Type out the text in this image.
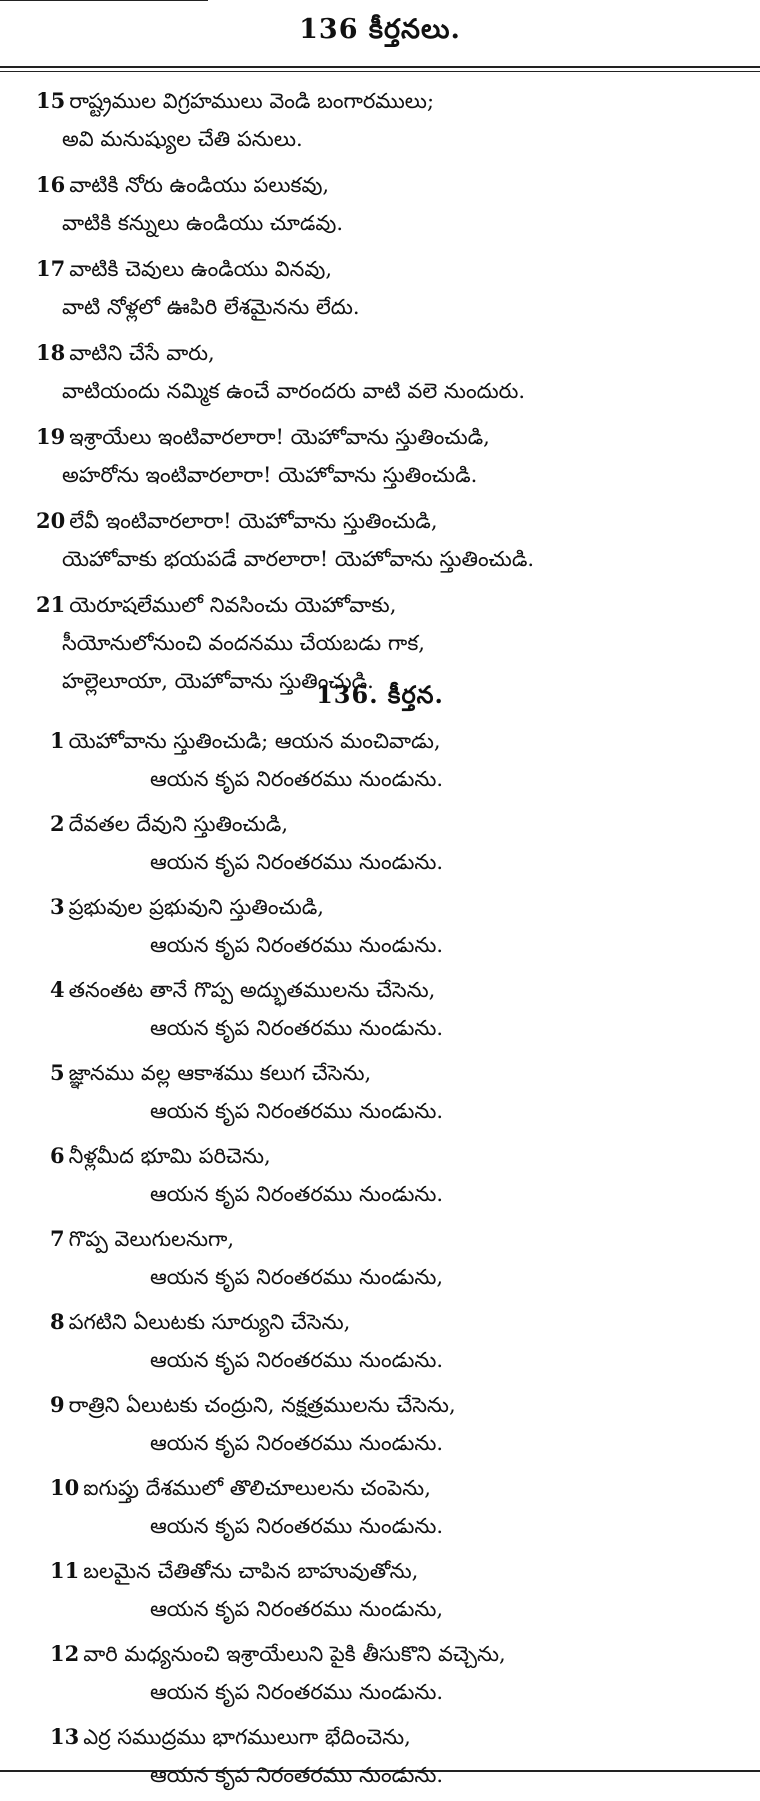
136 కీర్తనలు.
15 రాష్ట్రముల విగ్రహములు వెండి బంగారములు;
అవి మనుష్యుల చేతి పనులు.
16 వాటికి నోరు ఉండియు పలుకవు,
వాటికి కన్నులు ఉండియు చూడవు.
17 వాటికి చెవులు ఉండియు వినవు,
వాటి నోళ్లలో ఊపిరి లేశమైనను లేదు.
18 వాటిని చేసే వారు,
వాటియందు నమ్మిక ఉంచే వారందరు వాటి వలె నుందురు.
19 ఇశ్రాయేలు ఇంటివారలారా! యెహోవాను స్తుతించుడి,
అహరోను ఇంటివారలారా! యెహోవాను స్తుతించుడి.
20 లేవీ ఇంటివారలారా! యెహోవాను స్తుతించుడి,
యెహోవాకు భయపడే వారలారా! యెహోవాను స్తుతించుడి.
21 యెరూషలేములో నివసించు యెహోవాకు,
సీయోనులోనుంచి వందనము చేయబడు గాక,
హల్లెలూయా, యెహోవాను స్తుతించుడి.
136. కీర్తన.
1 యెహోవాను స్తుతించుడి; ఆయన మంచివాడు,
ఆయన కృప నిరంతరము నుండును.
2 దేవతల దేవుని స్తుతించుడి,
ఆయన కృప నిరంతరము నుండును.
3 ప్రభువుల ప్రభువుని స్తుతించుడి,
ఆయన కృప నిరంతరము నుండును.
4 తనంతట తానే గొప్ప అద్భుతములను చేసెను,
ఆయన కృప నిరంతరము నుండును.
5 జ్ఞానము వల్ల ఆకాశము కలుగ చేసెను,
ఆయన కృప నిరంతరము నుండును.
6 నీళ్లమీద భూమి పరిచెను,
ఆయన కృప నిరంతరము నుండును.
7 గొప్ప వెలుగులనుగా,
ఆయన కృప నిరంతరము నుండును,
8 పగటిని ఏలుటకు సూర్యుని చేసెను,
ఆయన కృప నిరంతరము నుండును.
9 రాత్రిని ఏలుటకు చంద్రుని, నక్షత్రములను చేసెను,
ఆయన కృప నిరంతరము నుండును.
10 ఐగుప్తు దేశములో తొలిచూలులను చంపెను,
ఆయన కృప నిరంతరము నుండును.
11 బలమైన చేతితోను చాపిన బాహువుతోను,
ఆయన కృప నిరంతరము నుండును,
12 వారి మధ్యనుంచి ఇశ్రాయేలుని పైకి తీసుకొని వచ్చెను,
ఆయన కృప నిరంతరము నుండును.
13 ఎర్ర సముద్రము భాగములుగా భేదించెను,
ఆయన కృప నిరంతరము నుండును.
